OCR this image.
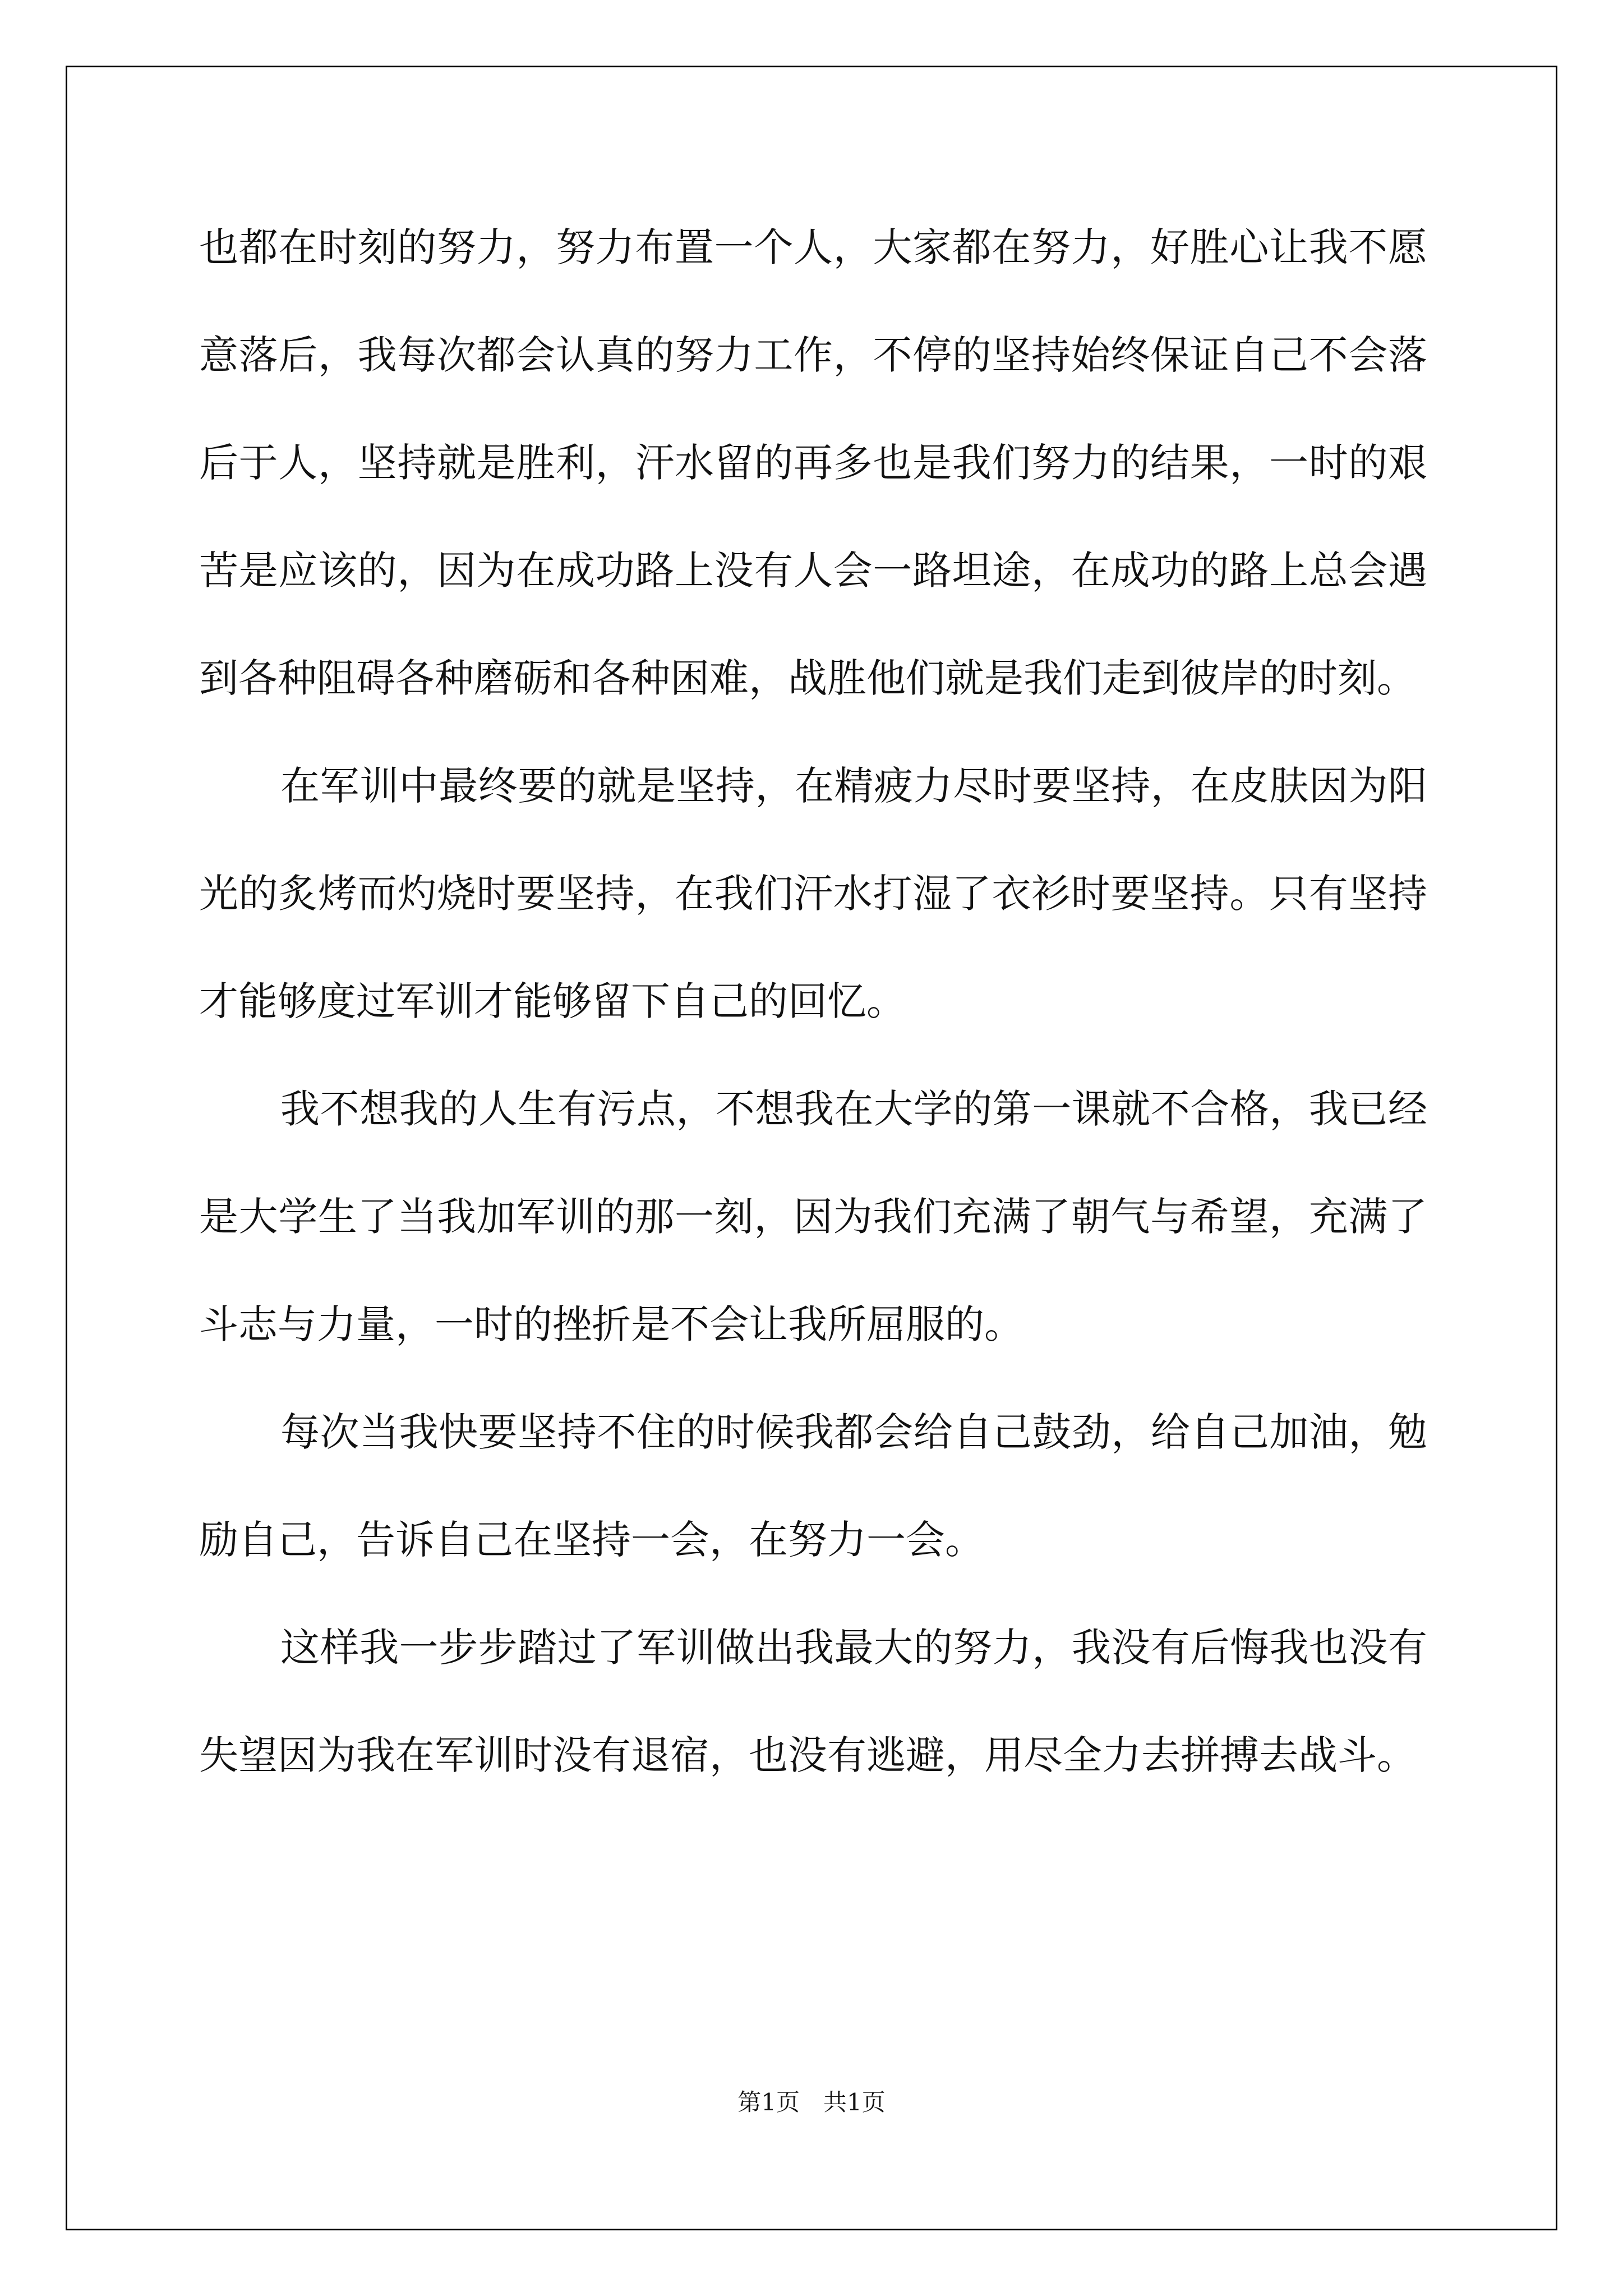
也都在时刻的努力，努力布置一个人，大家都在努力，好胜心让我不愿意落后，我每次都会认真的努力工作，不停的坚持始终保证自己不会落后于人，坚持就是胜利，汗水留的再多也是我们努力的结果，一时的艰苦是应该的，因为在成功路上没有人会一路坦途，在成功的路上总会遇到各种阻碍各种磨砺和各种困难，战胜他们就是我们走到彼岸的时刻。

在军训中最终要的就是坚持，在精疲力尽时要坚持，在皮肤因为阳光的炙烤而灼烧时要坚持，在我们汗水打湿了衣衫时要坚持。只有坚持才能够度过军训才能够留下自己的回忆。

我不想我的人生有污点，不想我在大学的第一课就不合格，我已经是大学生了当我加军训的那一刻，因为我们充满了朝气与希望，充满了斗志与力量，一时的挫折是不会让我所屈服的。

每次当我快要坚持不住的时候我都会给自己鼓劲，给自己加油，勉励自己，告诉自己在坚持一会，在努力一会。

这样我一步步踏过了军训做出我最大的努力，我没有后悔我也没有失望因为我在军训时没有退宿，也没有逃避，用尽全力去拼搏去战斗。

第1页　共1页
